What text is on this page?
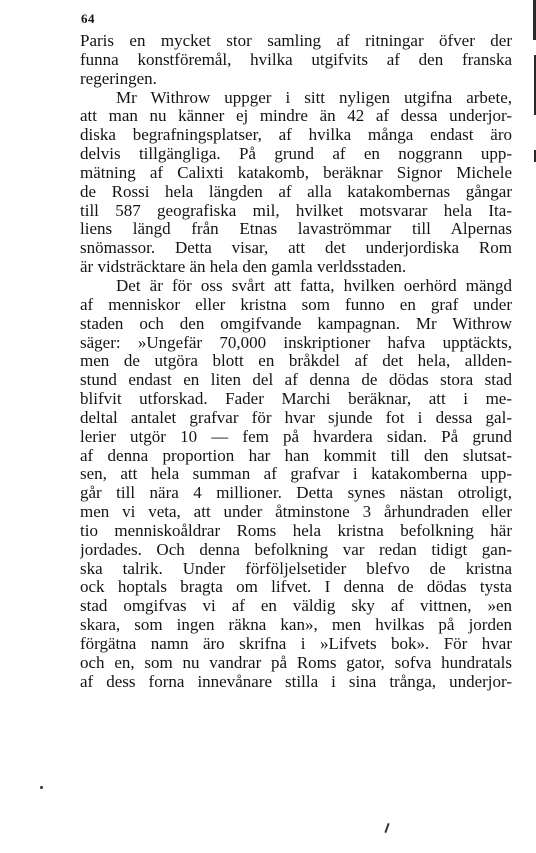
64
Paris en mycket stor samling af ritningar öfver der
funna konstföremål, hvilka utgifvits af den franska
regeringen.
Mr Withrow uppger i sitt nyligen utgifna arbete,
att man nu känner ej mindre än 42 af dessa underjor-
diska begrafningsplatser, af hvilka många endast äro
delvis tillgängliga. På grund af en noggrann upp-
mätning af Calixti katakomb, beräknar Signor Michele
de Rossi hela längden af alla katakombernas gångar
till 587 geografiska mil, hvilket motsvarar hela Ita-
liens längd från Etnas lavaströmmar till Alpernas
snömassor. Detta visar, att det underjordiska Rom
är vidsträcktare än hela den gamla verldsstaden.
Det är för oss svårt att fatta, hvilken oerhörd mängd
af menniskor eller kristna som funno en graf under
staden och den omgifvande kampagnan. Mr Withrow
säger: »Ungefär 70,000 inskriptioner hafva upptäckts,
men de utgöra blott en bråkdel af det hela, allden-
stund endast en liten del af denna de dödas stora stad
blifvit utforskad. Fader Marchi beräknar, att i me-
deltal antalet grafvar för hvar sjunde fot i dessa gal-
lerier utgör 10 — fem på hvardera sidan. På grund
af denna proportion har han kommit till den slutsat-
sen, att hela summan af grafvar i katakomberna upp-
går till nära 4 millioner. Detta synes nästan otroligt,
men vi veta, att under åtminstone 3 århundraden eller
tio menniskoåldrar Roms hela kristna befolkning här
jordades. Och denna befolkning var redan tidigt gan-
ska talrik. Under förföljelsetider blefvo de kristna
ock hoptals bragta om lifvet. I denna de dödas tysta
stad omgifvas vi af en väldig sky af vittnen, »en
skara, som ingen räkna kan», men hvilkas på jorden
förgätna namn äro skrifna i »Lifvets bok». För hvar
och en, som nu vandrar på Roms gator, sofva hundratals
af dess forna innevånare stilla i sina trånga, underjor-
